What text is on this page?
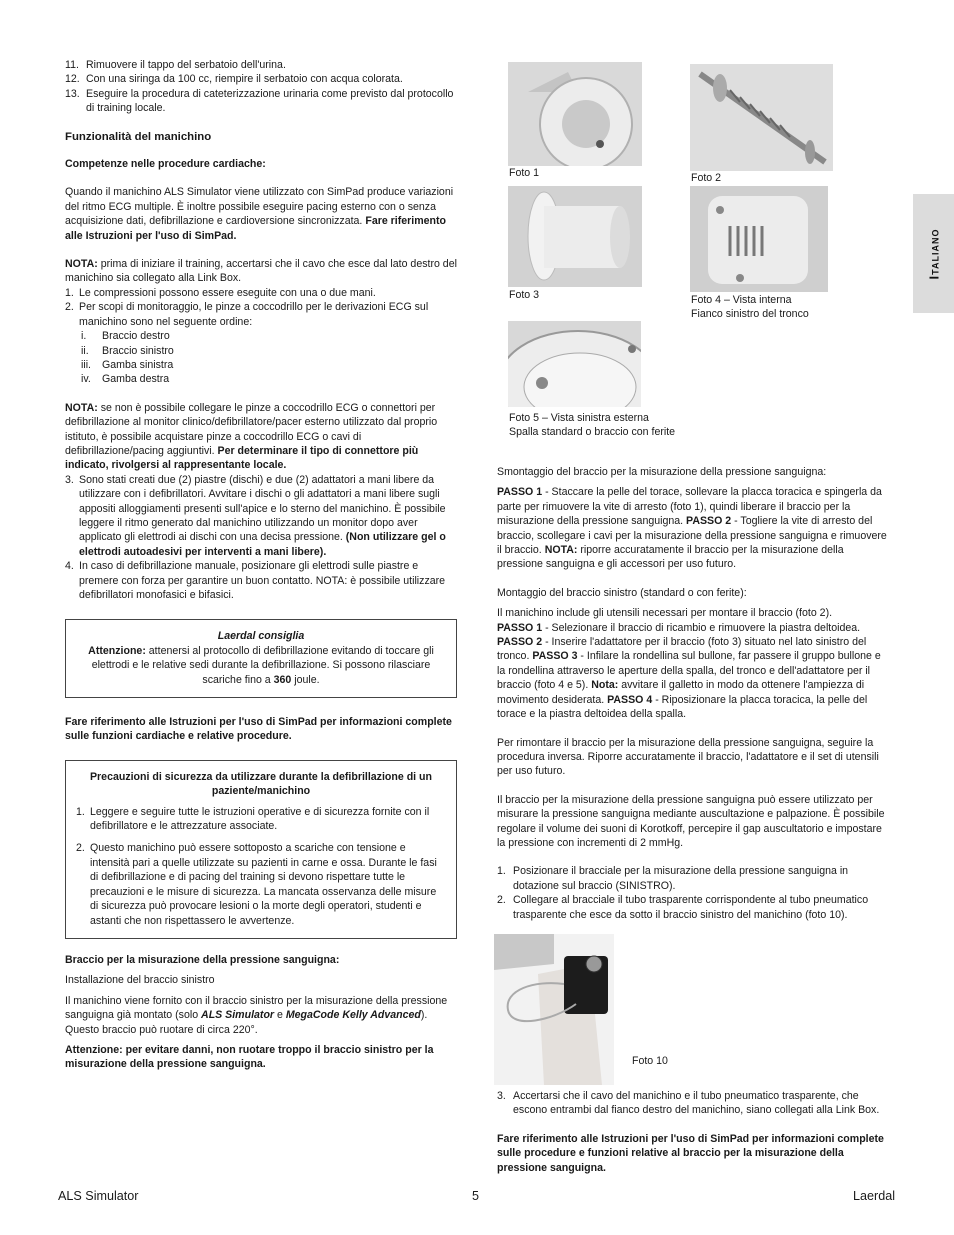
11. Rimuovere il tappo del serbatoio dell'urina.
12. Con una siringa da 100 cc, riempire il serbatoio con acqua colorata.
13. Eseguire la procedura di cateterizzazione urinaria come previsto dal protocollo di training locale.

Funzionalità del manichino

Competenze nelle procedure cardiache:

Quando il manichino ALS Simulator viene utilizzato con SimPad produce variazioni del ritmo ECG multiple. È inoltre possibile eseguire pacing esterno con o senza acquisizione dati, defibrillazione e cardioversione sincronizzata. Fare riferimento alle Istruzioni per l'uso di SimPad.

NOTA: prima di iniziare il training, accertarsi che il cavo che esce dal lato destro del manichino sia collegato alla Link Box.

1. Le compressioni possono essere eseguite con una o due mani.
2. Per scopi di monitoraggio, le pinze a coccodrillo per le derivazioni ECG sul manichino sono nel seguente ordine:
i. Braccio destro
ii. Braccio sinistro
iii. Gamba sinistra
iv. Gamba destra

NOTA: se non è possibile collegare le pinze a coccodrillo ECG o connettori per defibrillazione al monitor clinico/defibrillatore/pacer esterno utilizzato dal proprio istituto, è possibile acquistare pinze a coccodrillo ECG o cavi di defibrillazione/pacing aggiuntivi. Per determinare il tipo di connettore più indicato, rivolgersi al rappresentante locale.

3. Sono stati creati due (2) piastre (dischi) e due (2) adattatori a mani libere da utilizzare con i defibrillatori. Avvitare i dischi o gli adattatori a mani libere sugli appositi alloggiamenti presenti sull'apice e lo sterno del manichino. È possibile leggere il ritmo generato dal manichino utilizzando un monitor dopo aver applicato gli elettrodi ai dischi con una decisa pressione. (Non utilizzare gel o elettrodi autoadesivi per interventi a mani libere).
4. In caso di defibrillazione manuale, posizionare gli elettrodi sulle piastre e premere con forza per garantire un buon contatto. NOTA: è possibile utilizzare defibrillatori monofasici e bifasici.

Laerdal consiglia

Attenzione: attenersi al protocollo di defibrillazione evitando di toccare gli elettrodi e le relative sedi durante la defibrillazione. Si possono rilasciare scariche fino a 360 joule.

Fare riferimento alle Istruzioni per l'uso di SimPad per informazioni complete sulle funzioni cardiache e relative procedure.

Precauzioni di sicurezza da utilizzare durante la defibrillazione di un paziente/manichino

1. Leggere e seguire tutte le istruzioni operative e di sicurezza fornite con il defibrillatore e le attrezzature associate.
2. Questo manichino può essere sottoposto a scariche con tensione e intensità pari a quelle utilizzate su pazienti in carne e ossa. Durante le fasi di defibrillazione e di pacing del training si devono rispettare tutte le precauzioni e le misure di sicurezza. La mancata osservanza delle misure di sicurezza può provocare lesioni o la morte degli operatori, studenti e astanti che non rispettassero le avvertenze.

Braccio per la misurazione della pressione sanguigna:

Installazione del braccio sinistro

Il manichino viene fornito con il braccio sinistro per la misurazione della pressione sanguigna già montato (solo ALS Simulator e MegaCode Kelly Advanced). Questo braccio può ruotare di circa 220°.

Attenzione: per evitare danni, non ruotare troppo il braccio sinistro per la misurazione della pressione sanguigna.

Foto 1	Foto 2
Foto 3	Foto 4 – Vista interna
Fianco sinistro del tronco
Foto 5 – Vista sinistra esterna
Spalla standard o braccio con ferite

Smontaggio del braccio per la misurazione della pressione sanguigna:

PASSO 1 - Staccare la pelle del torace, sollevare la placca toracica e spingerla da parte per rimuovere la vite di arresto (foto 1), quindi liberare il braccio per la misurazione della pressione sanguigna. PASSO 2 - Togliere la vite di arresto del braccio, scollegare i cavi per la misurazione della pressione sanguigna e rimuovere il braccio. NOTA: riporre accuratamente il braccio per la misurazione della pressione sanguigna e gli accessori per uso futuro.

Montaggio del braccio sinistro (standard o con ferite):

Il manichino include gli utensili necessari per montare il braccio (foto 2).

PASSO 1 - Selezionare il braccio di ricambio e rimuovere la piastra deltoidea.
PASSO 2 - Inserire l'adattatore per il braccio (foto 3) situato nel lato sinistro del tronco. PASSO 3 - Infilare la rondellina sul bullone, far passere il gruppo bullone e la rondellina attraverso le aperture della spalla, del tronco e dell'adattatore per il braccio (foto 4 e 5). Nota: avvitare il galletto in modo da ottenere l'ampiezza di movimento desiderata. PASSO 4 - Riposizionare la placca toracica, la pelle del torace e la piastra deltoidea della spalla.

Per rimontare il braccio per la misurazione della pressione sanguigna, seguire la procedura inversa. Riporre accuratamente il braccio, l'adattatore e il set di utensili per uso futuro.

Il braccio per la misurazione della pressione sanguigna può essere utilizzato per misurare la pressione sanguigna mediante auscultazione e palpazione. È possibile regolare il volume dei suoni di Korotkoff, percepire il gap auscultatorio e impostare la pressione con incrementi di 2 mmHg.

1. Posizionare il bracciale per la misurazione della pressione sanguigna in dotazione sul braccio (SINISTRO).
2. Collegare al bracciale il tubo trasparente corrispondente al tubo pneumatico trasparente che esce da sotto il braccio sinistro del manichino (foto 10).
Foto 10
3. Accertarsi che il cavo del manichino e il tubo pneumatico trasparente, che escono entrambi dal fianco destro del manichino, siano collegati alla Link Box.

Fare riferimento alle Istruzioni per l'uso di SimPad per informazioni complete sulle procedure e funzioni relative al braccio per la misurazione della pressione sanguigna.

Italiano
ALS Simulator	5	Laerdal
